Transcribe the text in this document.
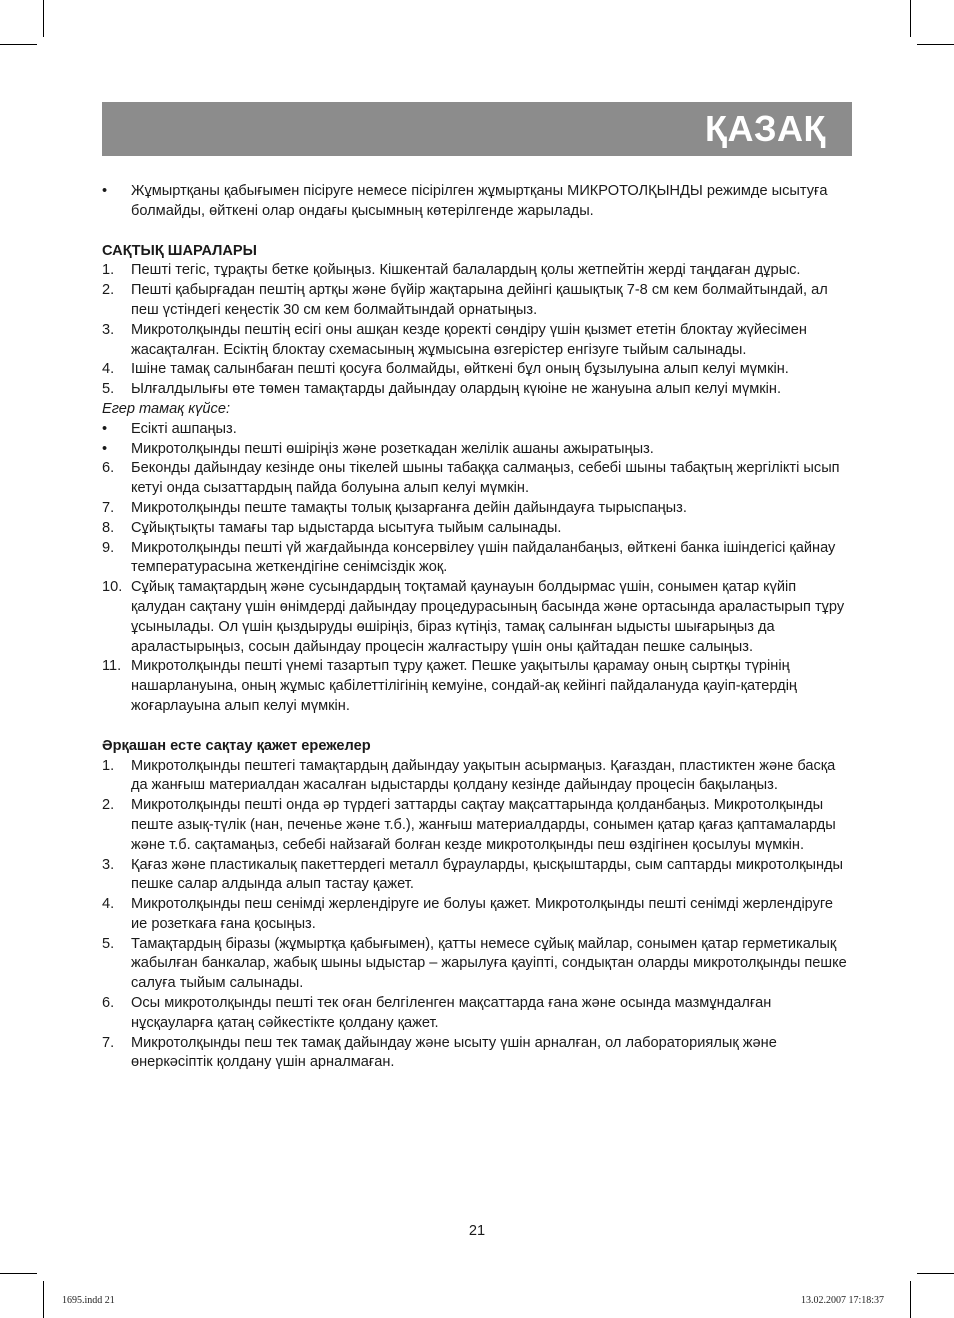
ҚАЗАҚ
•	Жұмыртқаны қабығымен пісіруге немесе пісірілген жұмыртқаны МИКРОТОЛҚЫНДЫ режимде ысытуға болмайды, өйткені олар ондағы қысымның көтерілгенде жарылады.
САҚТЫҚ ШАРАЛАРЫ
1.	Пешті тегіс, тұрақты бетке қойыңыз. Кішкентай балалардың қолы жетпейтін жерді таңдаған дұрыс.
2.	Пешті қабырғадан пештің артқы және бүйір жақтарына дейінгі қашықтық 7-8 см кем болмайтындай, ал пеш үстіндегі кеңестік 30 см кем болмайтындай орнатыңыз.
3.	Микротолқынды пештің есігі оны ашқан кезде қоректі сөндіру үшін қызмет ететін блоктау жүйесімен жасақталған. Есіктің блоктау схемасының жұмысына өзгерістер енгізуге тыйым салынады.
4.	Ішіне тамақ салынбаған пешті қосуға болмайды, өйткені бұл оның бұзылуына алып келуі мүмкін.
5.	Ылғалдылығы өте төмен тамақтарды дайындау олардың күюіне не жануына алып келуі мүмкін.
Егер тамақ күйсе:
•	Есікті ашпаңыз.
•	Микротолқынды пешті өшіріңіз және розеткадан желілік ашаны ажыратыңыз.
6.	Беконды дайындау кезінде оны тікелей шыны табаққа салмаңыз, себебі шыны табақтың жергілікті ысып кетуі онда сызаттардың пайда болуына алып келуі мүмкін.
7.	Микротолқынды пеште тамақты толық қызарғанға дейін дайындауға тырыспаңыз.
8.	Сұйықтықты тамағы тар ыдыстарда ысытуға тыйым салынады.
9.	Микротолқынды пешті үй жағдайында консервілеу үшін пайдаланбаңыз, өйткені банка ішіндегісі қайнау температурасына жеткендігіне сенімсіздік жоқ.
10. Сұйық тамақтардың және сусындардың тоқтамай қаунауын болдырмас үшін, сонымен қатар күйіп қалудан сақтану үшін өнімдерді дайындау процедурасының басында және ортасында араластырып тұру ұсынылады. Ол үшін қыздыруды өшіріңіз, біраз күтіңіз, тамақ салынған ыдысты шығарыңыз да араластырыңыз, сосын дайындау процесін жалғастыру үшін оны қайтадан пешке салыңыз.
11. Микротолқынды пешті үнемі тазартып тұру қажет. Пешке уақытылы қарамау оның сыртқы түрінің нашарлануына, оның жұмыс қабілеттілігінің кемуіне, сондай-ақ кейінгі пайдалануда қауіп-қатердің жоғарлауына алып келуі мүмкін.
Әрқашан есте сақтау қажет ережелер
1.	Микротолқынды пештегі тамақтардың дайындау уақытын асырмаңыз. Қағаздан, пластиктен және басқа да жанғыш материалдан жасалған ыдыстарды қолдану кезінде дайындау процесін бақылаңыз.
2.	Микротолқынды пешті онда әр түрдегі заттарды сақтау мақсаттарында қолданбаңыз. Микротолқынды пеште азық-түлік (нан, печенье және т.б.), жанғыш материалдарды, сонымен қатар қағаз қаптамаларды және т.б. сақтамаңыз, себебі найзағай болған кезде микротолқынды пеш өздігінен қосылуы мүмкін.
3.	Қағаз және пластикалық пакеттердегі металл бұрауларды, қысқыштарды, сым саптарды микротолқынды пешке салар алдында алып тастау қажет.
4.	Микротолқынды пеш сенімді жерлендіруге ие болуы қажет. Микротолқынды пешті сенімді жерлендіруге ие розеткаға ғана қосыңыз.
5.	Тамақтардың біразы (жұмыртқа қабығымен), қатты немесе сұйық майлар, сонымен қатар герметикалық жабылған банкалар, жабық шыны ыдыстар – жарылуға қауіпті, сондықтан оларды микротолқынды пешке салуға тыйым салынады.
6.	Осы микротолқынды пешті тек оған белгіленген мақсаттарда ғана және осында мазмұндалған нұсқауларға қатаң сәйкестікте қолдану қажет.
7.	Микротолқынды пеш тек тамақ дайындау және ысыту үшін арналған, ол лабораториялық және өнеркәсіптік қолдану үшін арналмаған.
21
1695.indd 21	13.02.2007 17:18:37
